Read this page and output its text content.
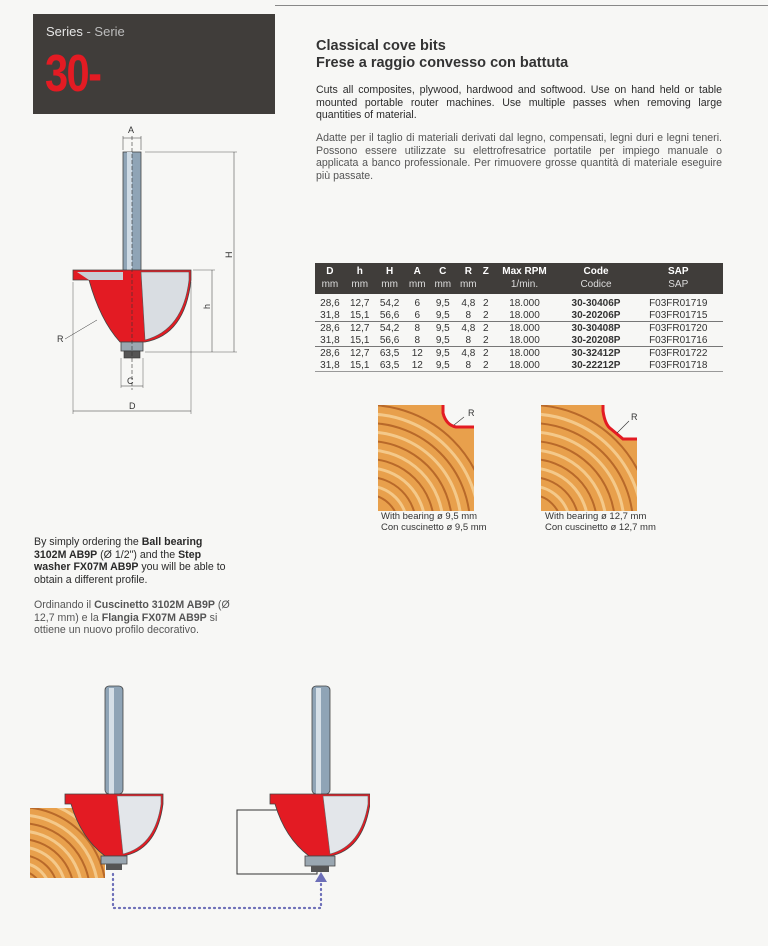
Series - Serie
30-	Classical cove bits
Frese a raggio convesso con battuta
Cuts all composites, plywood, hardwood and softwood. Use on hand held or table mounted portable router machines. Use multiple passes when removing large quantities of material.
Adatte per il taglio di materiali derivati dal legno, compensati, legni duri e legni teneri. Possono essere utilizzate su elettrofresatrice portatile per impiego manuale o applicata a banco professionale. Per rimuovere grosse quantità di materiale eseguire più passate.
A
H
h
R
C
D
D	h	H	A	C	R	Z	Max RPM	Code	SAP
mm	mm	mm	mm	mm	mm		1/min.	Codice	SAP
28,6	12,7	54,2	6	9,5	4,8	2	18.000	30-30406P	F03FR01719
31,8	15,1	56,6	6	9,5	8	2	18.000	30-20206P	F03FR01715
28,6	12,7	54,2	8	9,5	4,8	2	18.000	30-30408P	F03FR01720
31,8	15,1	56,6	8	9,5	8	2	18.000	30-20208P	F03FR01716
28,6	12,7	63,5	12	9,5	4,8	2	18.000	30-32412P	F03FR01722
31,8	15,1	63,5	12	9,5	8	2	18.000	30-22212P	F03FR01718
R
With bearing ø 9,5 mm
Con cuscinetto ø 9,5 mm
R
With bearing ø 12,7 mm
Con cuscinetto ø 12,7 mm
By simply ordering the Ball bearing 3102M AB9P (Ø 1/2") and the Step washer FX07M AB9P you will be able to obtain a different profile.
Ordinando il Cuscinetto 3102M AB9P (Ø 12,7 mm) e la Flangia FX07M AB9P si ottiene un nuovo profilo decorativo.
